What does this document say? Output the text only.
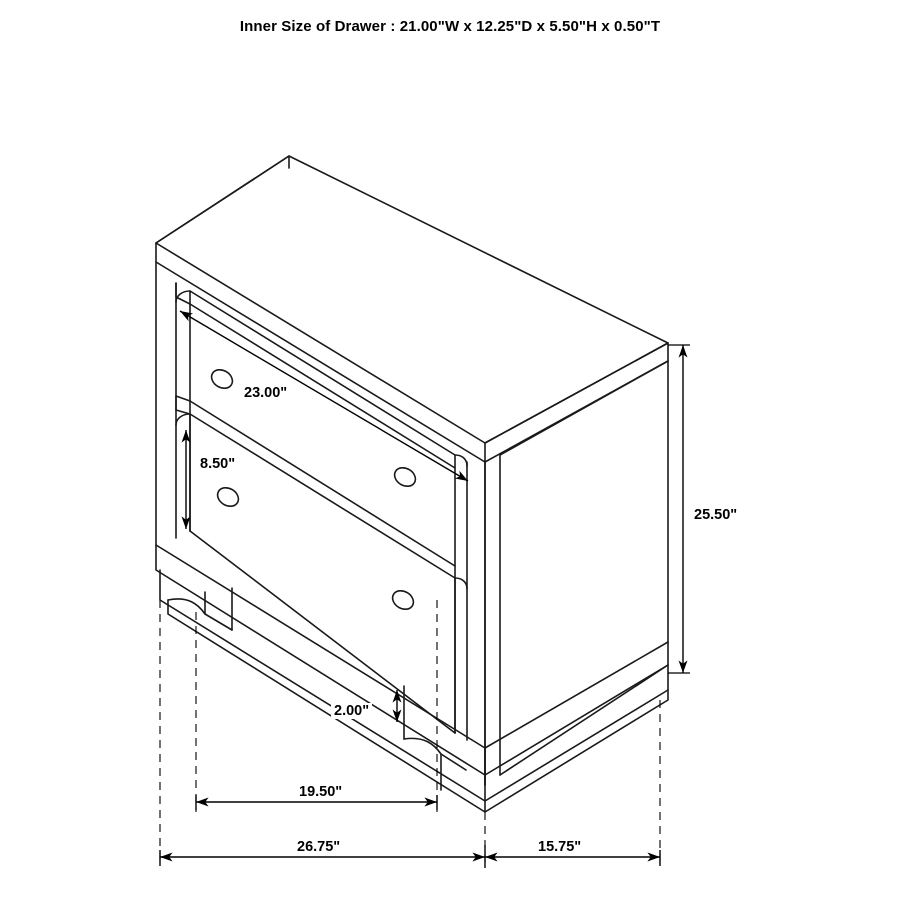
Inner Size of Drawer : 21.00"W x 12.25"D x 5.50"H x 0.50"T
23.00"
8.50"
2.00"
25.50"
19.50"
26.75"	15.75"
